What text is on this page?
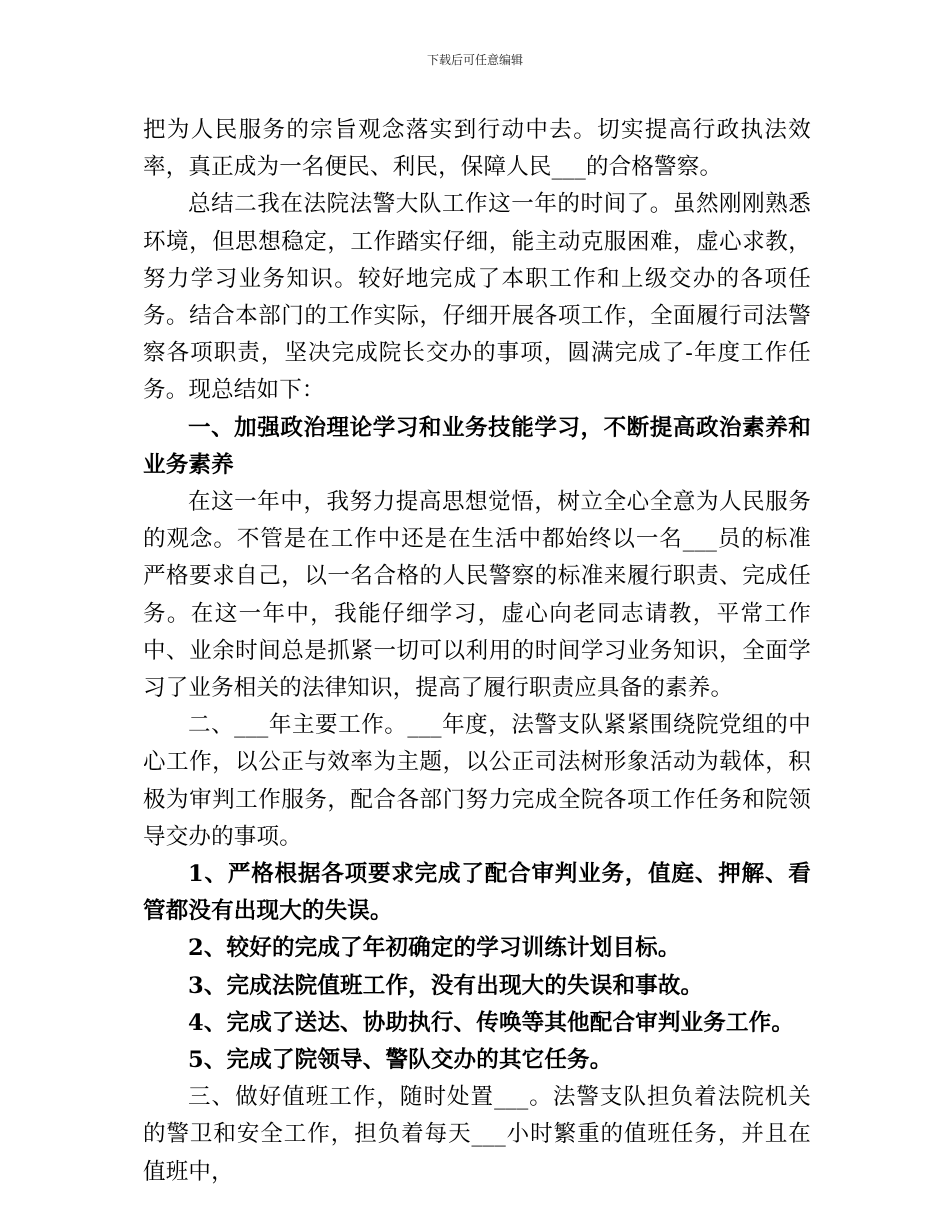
下载后可任意编辑

把为人民服务的宗旨观念落实到行动中去。切实提高行政执法效率，真正成为一名便民、利民，保障人民___的合格警察。

总结二我在法院法警大队工作这一年的时间了。虽然刚刚熟悉环境，但思想稳定，工作踏实仔细，能主动克服困难，虚心求教，努力学习业务知识。较好地完成了本职工作和上级交办的各项任务。结合本部门的工作实际，仔细开展各项工作，全面履行司法警察各项职责，坚决完成院长交办的事项，圆满完成了-年度工作任务。现总结如下：

一、加强政治理论学习和业务技能学习，不断提高政治素养和业务素养

在这一年中，我努力提高思想觉悟，树立全心全意为人民服务的观念。不管是在工作中还是在生活中都始终以一名___员的标准严格要求自己，以一名合格的人民警察的标准来履行职责、完成任务。在这一年中，我能仔细学习，虚心向老同志请教，平常工作中、业余时间总是抓紧一切可以利用的时间学习业务知识，全面学习了业务相关的法律知识，提高了履行职责应具备的素养。

二、___年主要工作。___年度，法警支队紧紧围绕院党组的中心工作，以公正与效率为主题，以公正司法树形象活动为载体，积极为审判工作服务，配合各部门努力完成全院各项工作任务和院领导交办的事项。

1、严格根据各项要求完成了配合审判业务，值庭、押解、看管都没有出现大的失误。

2、较好的完成了年初确定的学习训练计划目标。

3、完成法院值班工作，没有出现大的失误和事故。

4、完成了送达、协助执行、传唤等其他配合审判业务工作。

5、完成了院领导、警队交办的其它任务。

三、做好值班工作，随时处置___。法警支队担负着法院机关的警卫和安全工作，担负着每天___小时繁重的值班任务，并且在值班中，
